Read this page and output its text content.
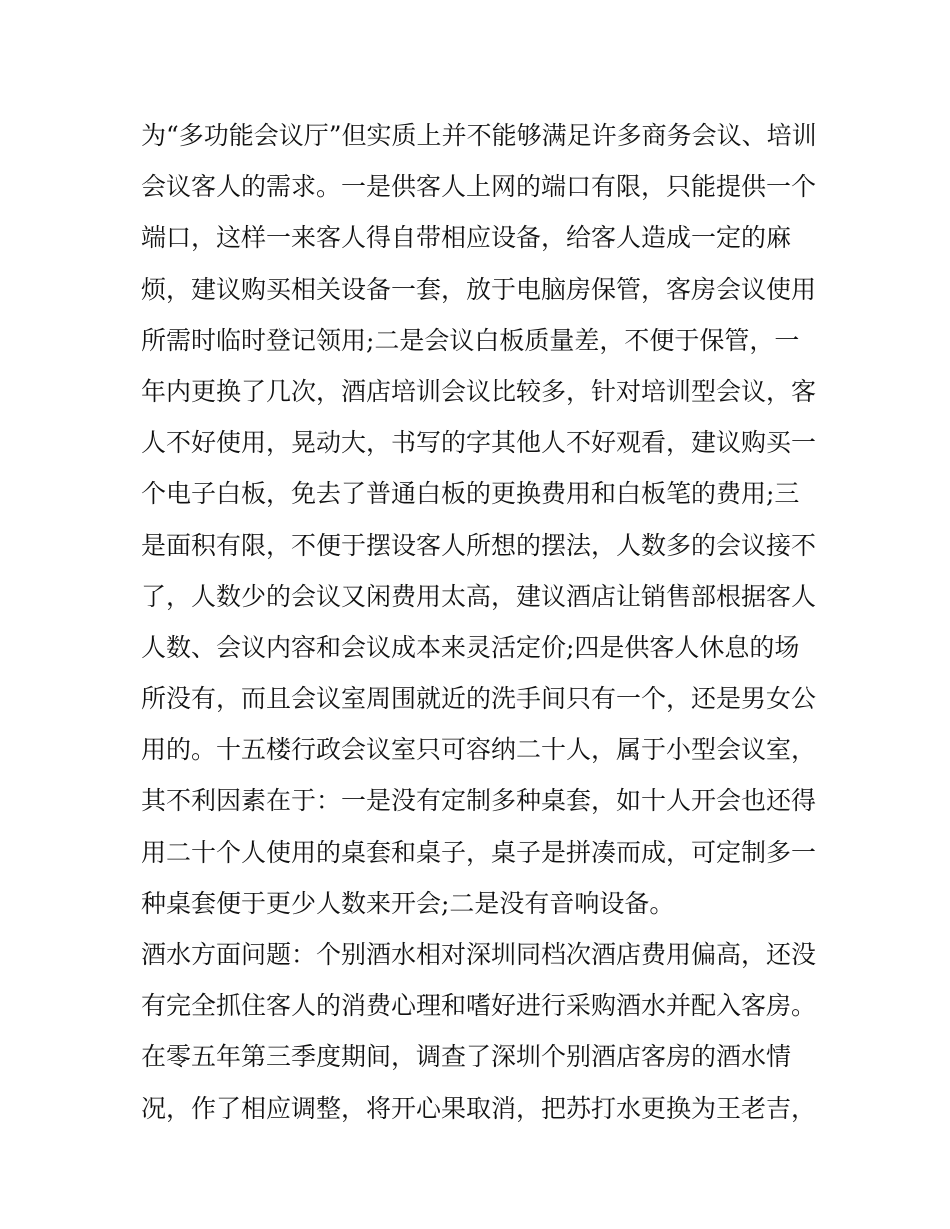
为“多功能会议厅”但实质上并不能够满足许多商务会议、培训
会议客人的需求。一是供客人上网的端口有限，只能提供一个
端口，这样一来客人得自带相应设备，给客人造成一定的麻
烦，建议购买相关设备一套，放于电脑房保管，客房会议使用
所需时临时登记领用;二是会议白板质量差，不便于保管，一
年内更换了几次，酒店培训会议比较多，针对培训型会议，客
人不好使用，晃动大，书写的字其他人不好观看，建议购买一
个电子白板，免去了普通白板的更换费用和白板笔的费用;三
是面积有限，不便于摆设客人所想的摆法，人数多的会议接不
了，人数少的会议又闲费用太高，建议酒店让销售部根据客人
人数、会议内容和会议成本来灵活定价;四是供客人休息的场
所没有，而且会议室周围就近的洗手间只有一个，还是男女公
用的。十五楼行政会议室只可容纳二十人，属于小型会议室，
其不利因素在于：一是没有定制多种桌套，如十人开会也还得
用二十个人使用的桌套和桌子，桌子是拼凑而成，可定制多一
种桌套便于更少人数来开会;二是没有音响设备。
酒水方面问题：个别酒水相对深圳同档次酒店费用偏高，还没
有完全抓住客人的消费心理和嗜好进行采购酒水并配入客房。
在零五年第三季度期间，调查了深圳个别酒店客房的酒水情
况，作了相应调整，将开心果取消，把苏打水更换为王老吉，
